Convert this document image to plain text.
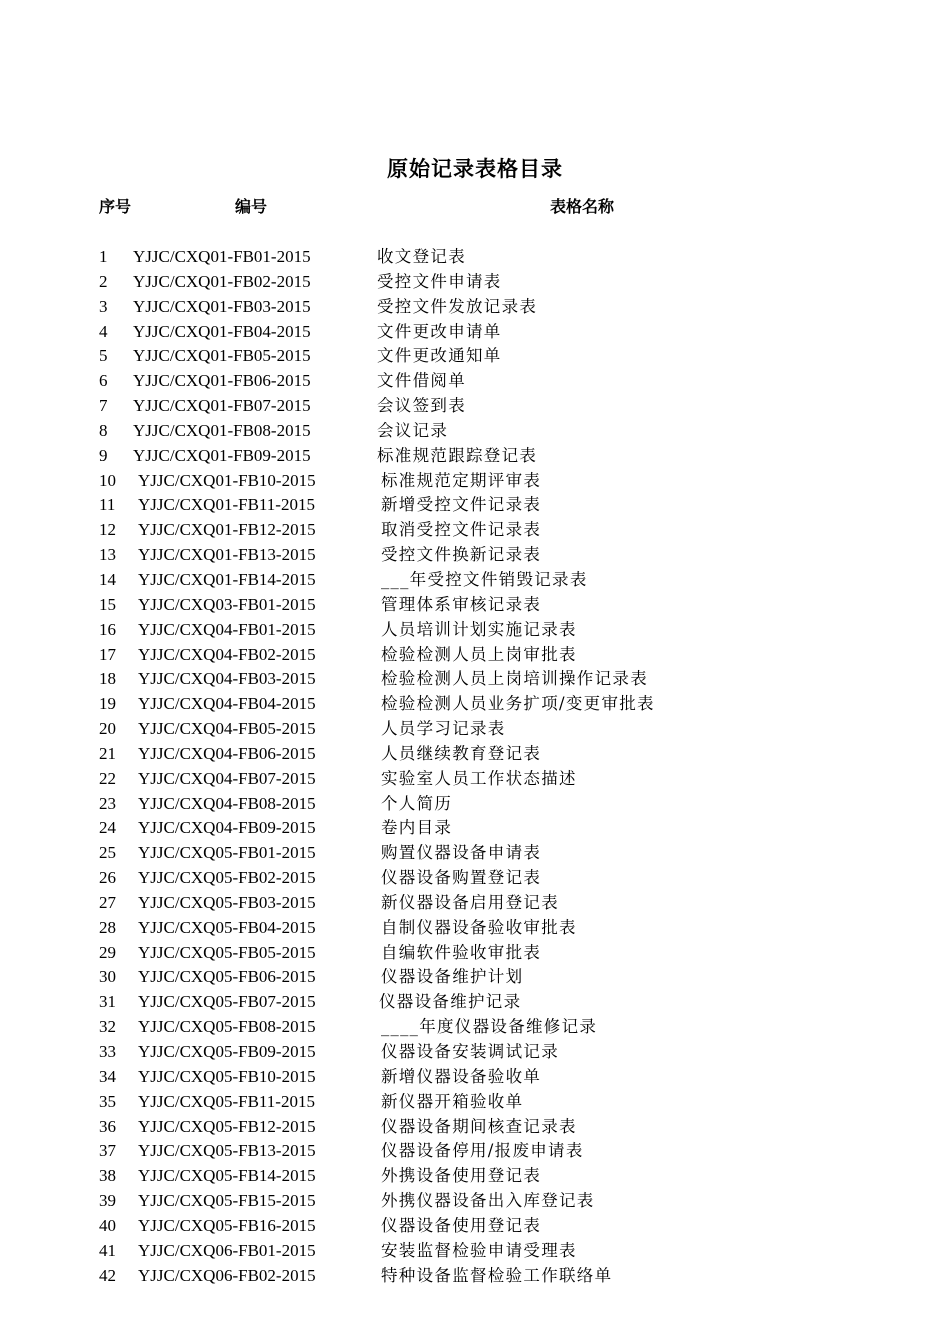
原始记录表格目录
序号	编号	表格名称
1 YJJC/CXQ01-FB01-2015	收文登记表
2 YJJC/CXQ01-FB02-2015	受控文件申请表
3 YJJC/CXQ01-FB03-2015	受控文件发放记录表
4 YJJC/CXQ01-FB04-2015	文件更改申请单
5 YJJC/CXQ01-FB05-2015	文件更改通知单
6 YJJC/CXQ01-FB06-2015	文件借阅单
7 YJJC/CXQ01-FB07-2015	会议签到表
8 YJJC/CXQ01-FB08-2015	会议记录
9 YJJC/CXQ01-FB09-2015	标准规范跟踪登记表
10 YJJC/CXQ01-FB10-2015	标准规范定期评审表
11 YJJC/CXQ01-FB11-2015	新增受控文件记录表
12 YJJC/CXQ01-FB12-2015	取消受控文件记录表
13 YJJC/CXQ01-FB13-2015	受控文件换新记录表
14 YJJC/CXQ01-FB14-2015	___年受控文件销毁记录表
15 YJJC/CXQ03-FB01-2015	管理体系审核记录表
16 YJJC/CXQ04-FB01-2015	人员培训计划实施记录表
17 YJJC/CXQ04-FB02-2015	检验检测人员上岗审批表
18 YJJC/CXQ04-FB03-2015	检验检测人员上岗培训操作记录表
19 YJJC/CXQ04-FB04-2015	检验检测人员业务扩项/变更审批表
20 YJJC/CXQ04-FB05-2015	人员学习记录表
21 YJJC/CXQ04-FB06-2015	人员继续教育登记表
22 YJJC/CXQ04-FB07-2015	实验室人员工作状态描述
23 YJJC/CXQ04-FB08-2015	个人简历
24 YJJC/CXQ04-FB09-2015	卷内目录
25 YJJC/CXQ05-FB01-2015	购置仪器设备申请表
26 YJJC/CXQ05-FB02-2015	仪器设备购置登记表
27 YJJC/CXQ05-FB03-2015	新仪器设备启用登记表
28 YJJC/CXQ05-FB04-2015	自制仪器设备验收审批表
29 YJJC/CXQ05-FB05-2015	自编软件验收审批表
30 YJJC/CXQ05-FB06-2015	仪器设备维护计划
31 YJJC/CXQ05-FB07-2015	仪器设备维护记录
32 YJJC/CXQ05-FB08-2015	____年度仪器设备维修记录
33 YJJC/CXQ05-FB09-2015	仪器设备安装调试记录
34 YJJC/CXQ05-FB10-2015	新增仪器设备验收单
35 YJJC/CXQ05-FB11-2015	新仪器开箱验收单
36 YJJC/CXQ05-FB12-2015	仪器设备期间核查记录表
37 YJJC/CXQ05-FB13-2015	仪器设备停用/报废申请表
38 YJJC/CXQ05-FB14-2015	外携设备使用登记表
39 YJJC/CXQ05-FB15-2015	外携仪器设备出入库登记表
40 YJJC/CXQ05-FB16-2015	仪器设备使用登记表
41 YJJC/CXQ06-FB01-2015	安装监督检验申请受理表
42 YJJC/CXQ06-FB02-2015	特种设备监督检验工作联络单
